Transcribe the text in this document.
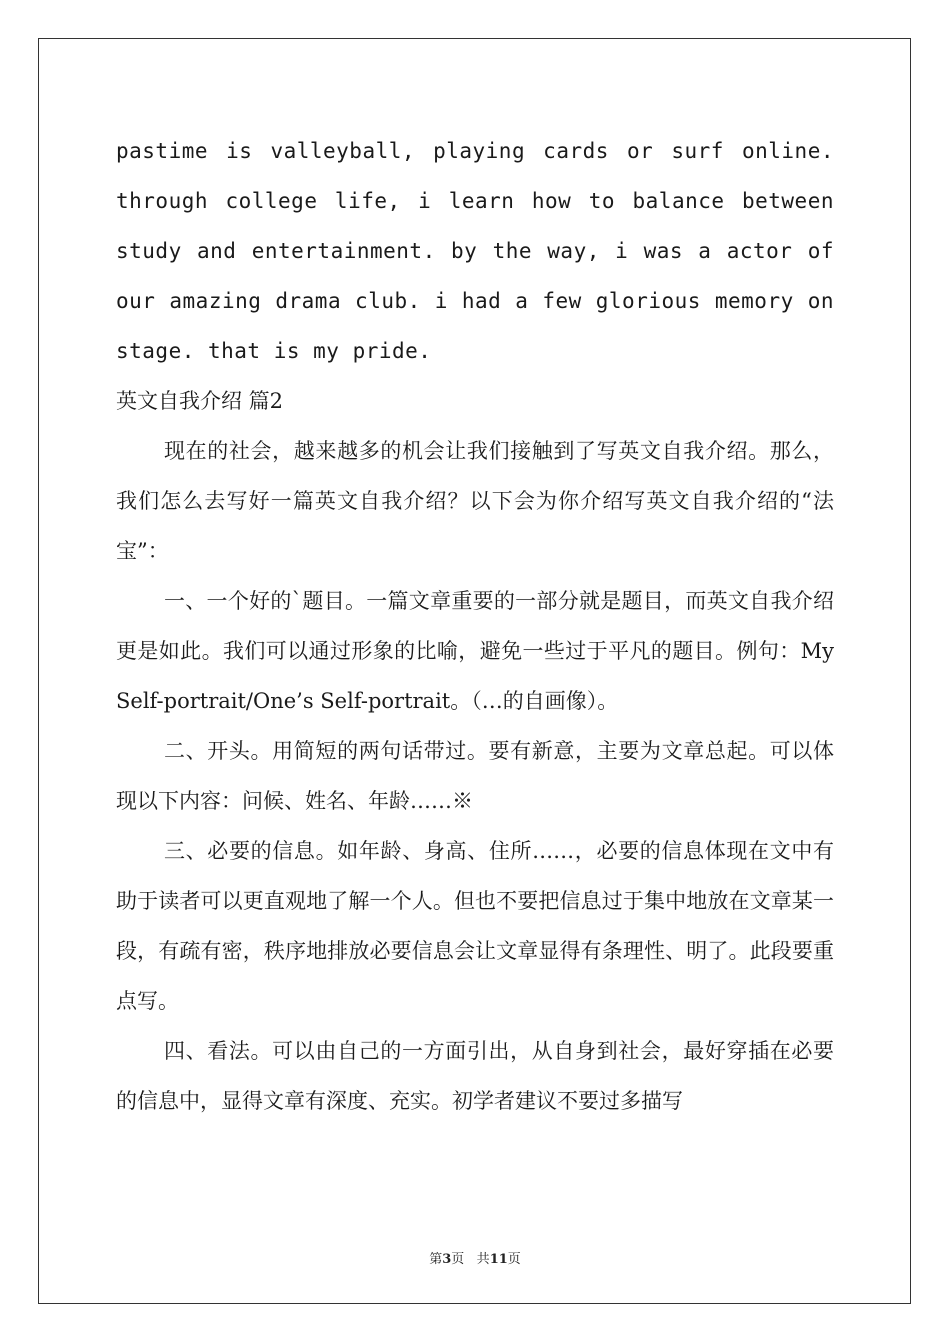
pastime is valleyball, playing cards or surf online. through college life, i learn how to balance between study and entertainment. by the way, i was a actor of our amazing drama club. i had a few glorious memory on stage. that is my pride.

英文自我介绍 篇2

现在的社会，越来越多的机会让我们接触到了写英文自我介绍。那么，我们怎么去写好一篇英文自我介绍？以下会为你介绍写英文自我介绍的“法宝”：

一、一个好的`题目。一篇文章重要的一部分就是题目，而英文自我介绍更是如此。我们可以通过形象的比喻，避免一些过于平凡的题目。例句：My Self-portrait/One’s Self-portrait。（…的自画像）。

二、开头。用简短的两句话带过。要有新意，主要为文章总起。可以体现以下内容：问候、姓名、年龄……※

三、必要的信息。如年龄、身高、住所……，必要的信息体现在文中有助于读者可以更直观地了解一个人。但也不要把信息过于集中地放在文章某一段，有疏有密，秩序地排放必要信息会让文章显得有条理性、明了。此段要重点写。

四、看法。可以由自己的一方面引出，从自身到社会，最好穿插在必要的信息中，显得文章有深度、充实。初学者建议不要过多描写

第3页 共11页
